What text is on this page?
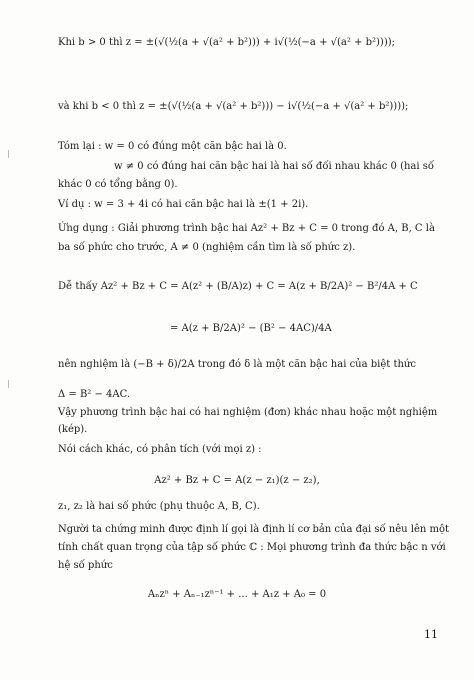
Khi b > 0 thì z = ±(√(½(a + √(a² + b²))) + i√(½(−a + √(a² + b²))));
và khi b < 0 thì z = ±(√(½(a + √(a² + b²))) − i√(½(−a + √(a² + b²))));
Tóm lại : w = 0 có đúng một căn bậc hai là 0.
w ≠ 0 có đúng hai căn bậc hai là hai số đối nhau khác 0 (hai số
khác 0 có tổng bằng 0).
Ví dụ : w = 3 + 4i có hai căn bậc hai là ±(1 + 2i).
Ứng dụng : Giải phương trình bậc hai Az² + Bz + C = 0 trong đó A, B, C là
ba số phức cho trước, A ≠ 0 (nghiệm cần tìm là số phức z).
Dễ thấy Az² + Bz + C = A(z² + (B/A)z) + C = A(z + B/2A)² − B²/4A + C
= A(z + B/2A)² − (B² − 4AC)/4A
nên nghiệm là (−B + δ)/2A trong đó δ là một căn bậc hai của biệt thức
Δ = B² − 4AC.
Vậy phương trình bậc hai có hai nghiệm (đơn) khác nhau hoặc một nghiệm
(kép).
Nói cách khác, có phân tích (với mọi z) :
Az² + Bz + C = A(z − z₁)(z − z₂),
z₁, z₂ là hai số phức (phụ thuộc A, B, C).
Người ta chứng minh được định lí gọi là định lí cơ bản của đại số nêu lên một
tính chất quan trọng của tập số phức ℂ : Mọi phương trình đa thức bậc n với
hệ số phức
Aₙzⁿ + Aₙ₋₁zⁿ⁻¹ + ... + A₁z + A₀ = 0
11
